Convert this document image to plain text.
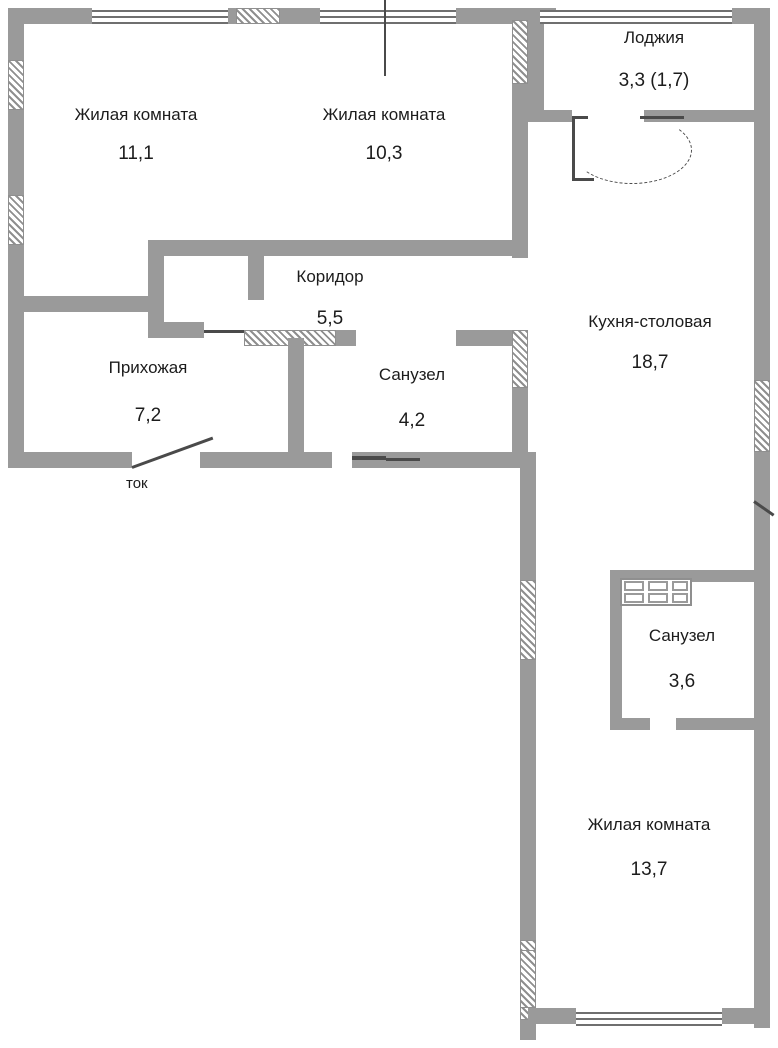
Жилая комната
11,1
Жилая комната
10,3
Лоджия
3,3 (1,7)
Коридор
5,5
Прихожая
7,2
Санузел
4,2
Кухня-столовая
18,7
Санузел
3,6
Жилая комната
13,7
ток
